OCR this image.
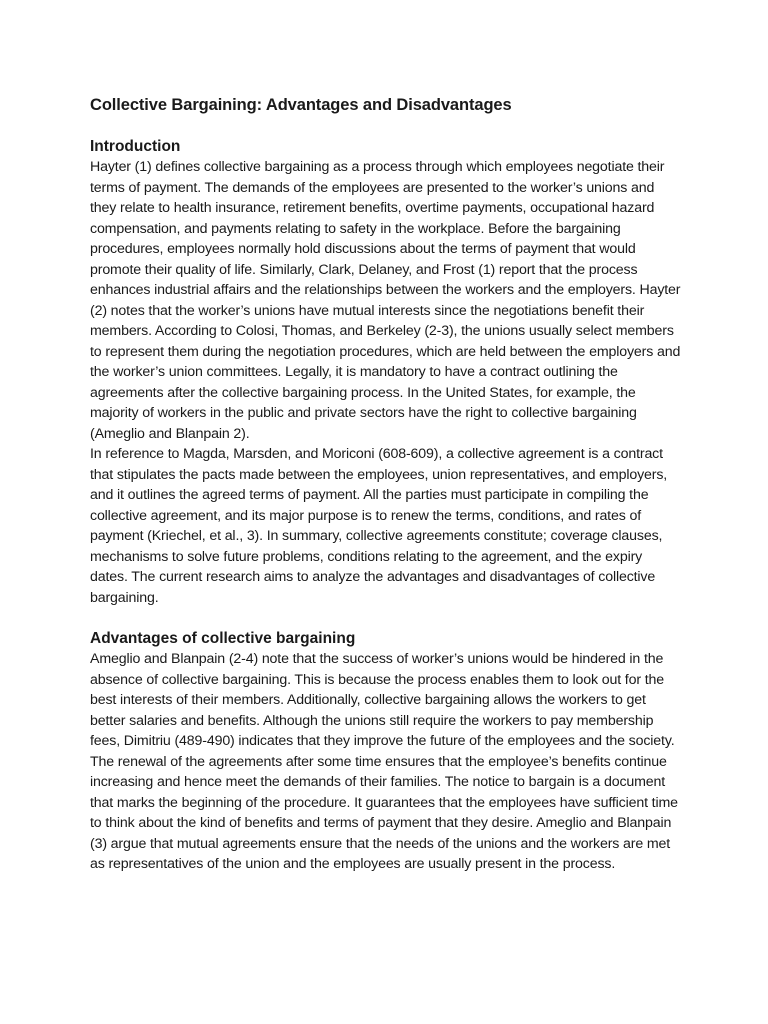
Collective Bargaining: Advantages and Disadvantages
Introduction

Hayter (1) defines collective bargaining as a process through which employees negotiate their terms of payment. The demands of the employees are presented to the worker’s unions and they relate to health insurance, retirement benefits, overtime payments, occupational hazard compensation, and payments relating to safety in the workplace. Before the bargaining procedures, employees normally hold discussions about the terms of payment that would promote their quality of life. Similarly, Clark, Delaney, and Frost (1) report that the process enhances industrial affairs and the relationships between the workers and the employers. Hayter (2) notes that the worker’s unions have mutual interests since the negotiations benefit their members. According to Colosi, Thomas, and Berkeley (2-3), the unions usually select members to represent them during the negotiation procedures, which are held between the employers and the worker’s union committees. Legally, it is mandatory to have a contract outlining the agreements after the collective bargaining process. In the United States, for example, the majority of workers in the public and private sectors have the right to collective bargaining (Ameglio and Blanpain 2).

In reference to Magda, Marsden, and Moriconi (608-609), a collective agreement is a contract that stipulates the pacts made between the employees, union representatives, and employers, and it outlines the agreed terms of payment. All the parties must participate in compiling the collective agreement, and its major purpose is to renew the terms, conditions, and rates of payment (Kriechel, et al., 3). In summary, collective agreements constitute; coverage clauses, mechanisms to solve future problems, conditions relating to the agreement, and the expiry dates. The current research aims to analyze the advantages and disadvantages of collective bargaining.

Advantages of collective bargaining

Ameglio and Blanpain (2-4) note that the success of worker’s unions would be hindered in the absence of collective bargaining. This is because the process enables them to look out for the best interests of their members. Additionally, collective bargaining allows the workers to get better salaries and benefits. Although the unions still require the workers to pay membership fees, Dimitriu (489-490) indicates that they improve the future of the employees and the society. The renewal of the agreements after some time ensures that the employee’s benefits continue increasing and hence meet the demands of their families. The notice to bargain is a document that marks the beginning of the procedure. It guarantees that the employees have sufficient time to think about the kind of benefits and terms of payment that they desire. Ameglio and Blanpain (3) argue that mutual agreements ensure that the needs of the unions and the workers are met as representatives of the union and the employees are usually present in the process.
